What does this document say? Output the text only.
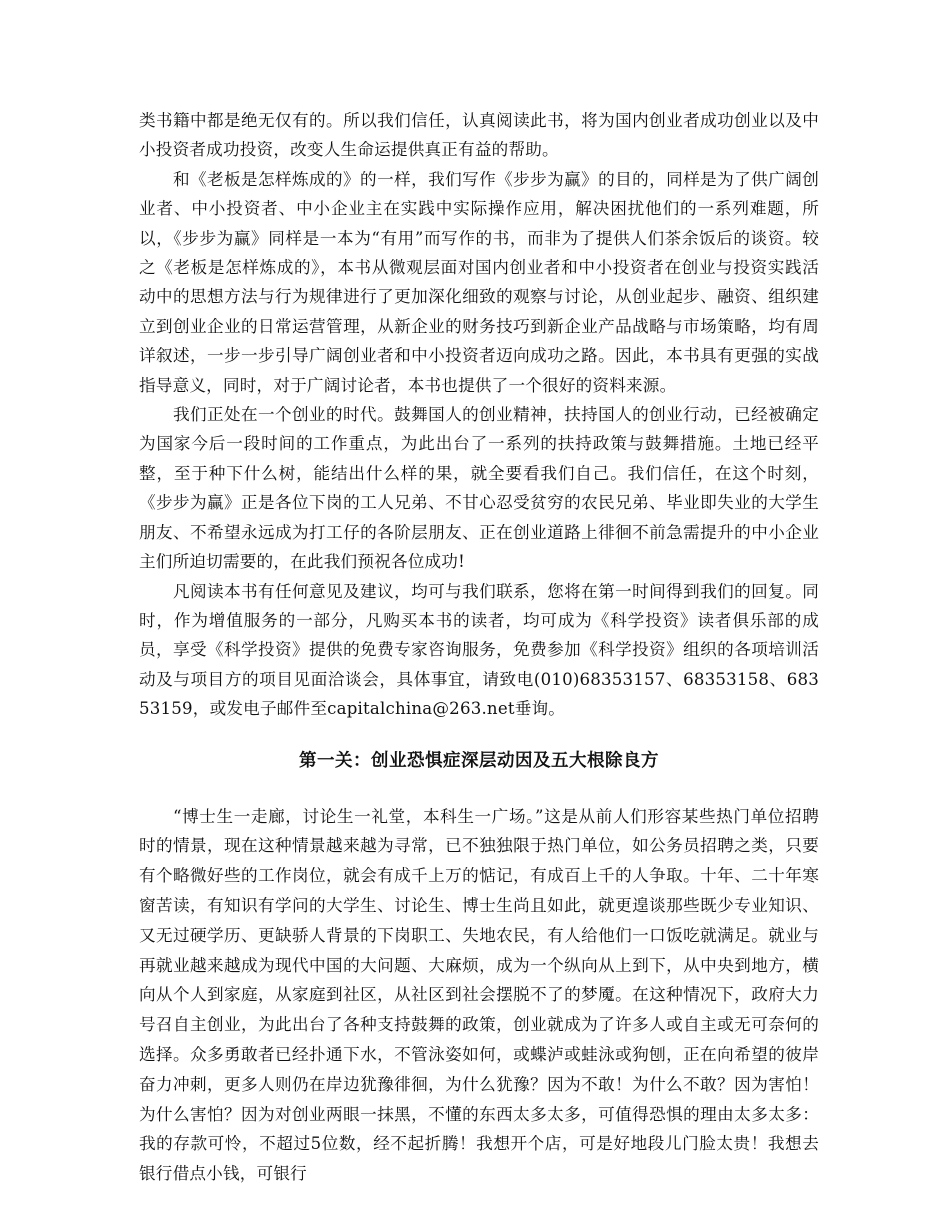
类书籍中都是绝无仅有的。所以我们信任，认真阅读此书，将为国内创业者成功创业以及中小投资者成功投资，改变人生命运提供真正有益的帮助。

和《老板是怎样炼成的》的一样，我们写作《步步为赢》的目的，同样是为了供广阔创业者、中小投资者、中小企业主在实践中实际操作应用，解决困扰他们的一系列难题，所以，《步步为赢》同样是一本为“有用”而写作的书，而非为了提供人们茶余饭后的谈资。较之《老板是怎样炼成的》，本书从微观层面对国内创业者和中小投资者在创业与投资实践活动中的思想方法与行为规律进行了更加深化细致的观察与讨论，从创业起步、融资、组织建立到创业企业的日常运营管理，从新企业的财务技巧到新企业产品战略与市场策略，均有周详叙述，一步一步引导广阔创业者和中小投资者迈向成功之路。因此，本书具有更强的实战指导意义，同时，对于广阔讨论者，本书也提供了一个很好的资料来源。

我们正处在一个创业的时代。鼓舞国人的创业精神，扶持国人的创业行动，已经被确定为国家今后一段时间的工作重点，为此出台了一系列的扶持政策与鼓舞措施。土地已经平整，至于种下什么树，能结出什么样的果，就全要看我们自己。我们信任，在这个时刻，《步步为赢》正是各位下岗的工人兄弟、不甘心忍受贫穷的农民兄弟、毕业即失业的大学生朋友、不希望永远成为打工仔的各阶层朋友、正在创业道路上徘徊不前急需提升的中小企业主们所迫切需要的，在此我们预祝各位成功!

凡阅读本书有任何意见及建议，均可与我们联系，您将在第一时间得到我们的回复。同时，作为增值服务的一部分，凡购买本书的读者，均可成为《科学投资》读者俱乐部的成员，享受《科学投资》提供的免费专家咨询服务，免费参加《科学投资》组织的各项培训活动及与项目方的项目见面洽谈会，具体事宜，请致电(010)68353157、68353158、68353159，或发电子邮件至capitalchina@263.net垂询。

第一关：创业恐惧症深层动因及五大根除良方

“博士生一走廊，讨论生一礼堂，本科生一广场。”这是从前人们形容某些热门单位招聘时的情景，现在这种情景越来越为寻常，已不独独限于热门单位，如公务员招聘之类，只要有个略微好些的工作岗位，就会有成千上万的惦记，有成百上千的人争取。十年、二十年寒窗苦读，有知识有学问的大学生、讨论生、博士生尚且如此，就更遑谈那些既少专业知识、又无过硬学历、更缺骄人背景的下岗职工、失地农民，有人给他们一口饭吃就满足。就业与再就业越来越成为现代中国的大问题、大麻烦，成为一个纵向从上到下，从中央到地方，横向从个人到家庭，从家庭到社区，从社区到社会摆脱不了的梦魇。在这种情况下，政府大力号召自主创业，为此出台了各种支持鼓舞的政策，创业就成为了许多人或自主或无可奈何的选择。众多勇敢者已经扑通下水，不管泳姿如何，或蝶泸或蛙泳或狗刨，正在向希望的彼岸奋力冲刺，更多人则仍在岸边犹豫徘徊，为什么犹豫？因为不敢！为什么不敢？因为害怕！为什么害怕？因为对创业两眼一抹黑，不懂的东西太多太多，可值得恐惧的理由太多太多：我的存款可怜，不超过5位数，经不起折腾！我想开个店，可是好地段儿门脸太贵！我想去银行借点小钱，可银行
